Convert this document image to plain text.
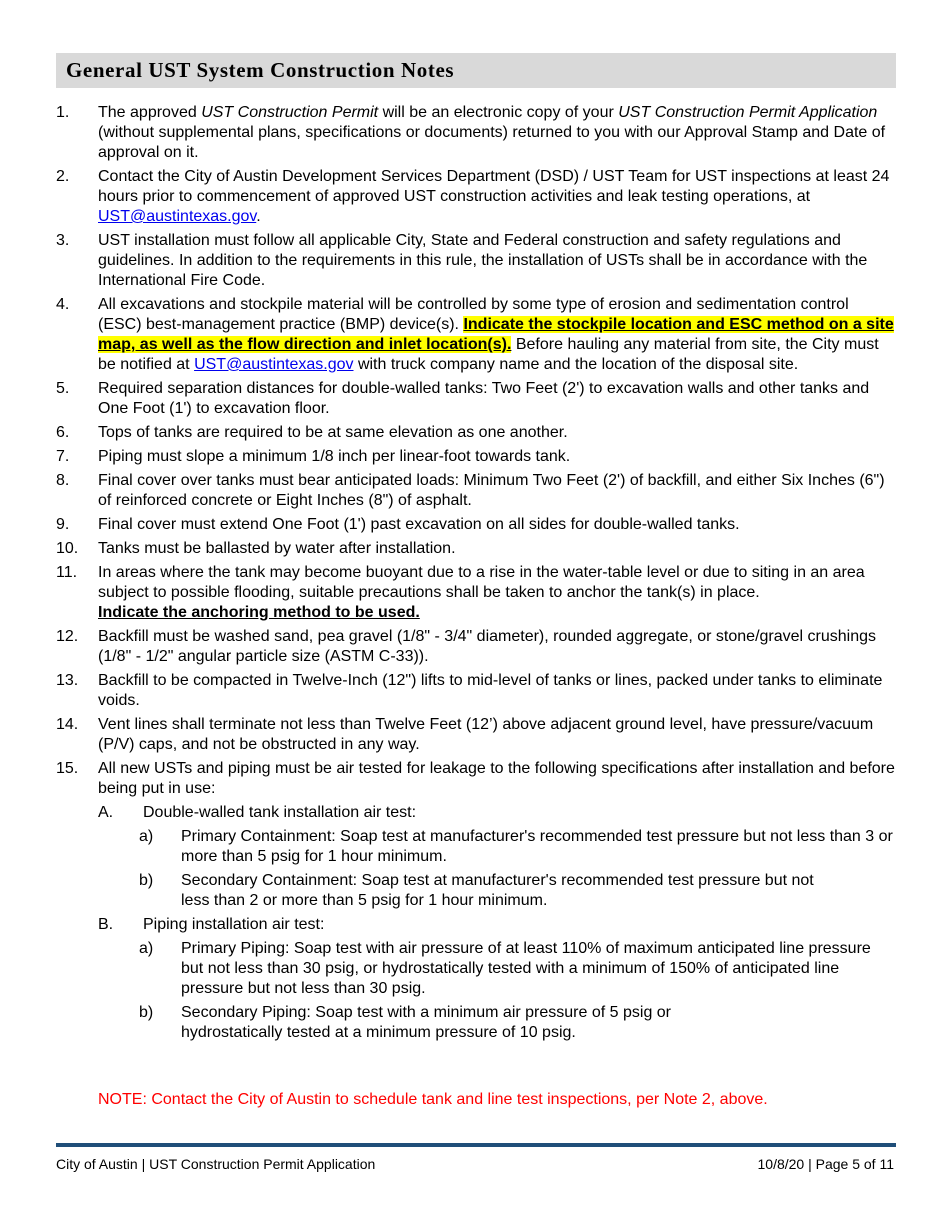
General UST System Construction Notes
1. The approved UST Construction Permit will be an electronic copy of your UST Construction Permit Application (without supplemental plans, specifications or documents) returned to you with our Approval Stamp and Date of approval on it.
2. Contact the City of Austin Development Services Department (DSD) / UST Team for UST inspections at least 24 hours prior to commencement of approved UST construction activities and leak testing operations, at UST@austintexas.gov.
3. UST installation must follow all applicable City, State and Federal construction and safety regulations and guidelines. In addition to the requirements in this rule, the installation of USTs shall be in accordance with the International Fire Code.
4. All excavations and stockpile material will be controlled by some type of erosion and sedimentation control (ESC) best-management practice (BMP) device(s). Indicate the stockpile location and ESC method on a site map, as well as the flow direction and inlet location(s). Before hauling any material from site, the City must be notified at UST@austintexas.gov with truck company name and the location of the disposal site.
5. Required separation distances for double-walled tanks: Two Feet (2') to excavation walls and other tanks and One Foot (1') to excavation floor.
6. Tops of tanks are required to be at same elevation as one another.
7. Piping must slope a minimum 1/8 inch per linear-foot towards tank.
8. Final cover over tanks must bear anticipated loads: Minimum Two Feet (2') of backfill, and either Six Inches (6") of reinforced concrete or Eight Inches (8") of asphalt.
9. Final cover must extend One Foot (1') past excavation on all sides for double-walled tanks.
10. Tanks must be ballasted by water after installation.
11. In areas where the tank may become buoyant due to a rise in the water-table level or due to siting in an area subject to possible flooding, suitable precautions shall be taken to anchor the tank(s) in place.
Indicate the anchoring method to be used.
12. Backfill must be washed sand, pea gravel (1/8" - 3/4" diameter), rounded aggregate, or stone/gravel crushings (1/8" - 1/2" angular particle size (ASTM C-33)).
13. Backfill to be compacted in Twelve-Inch (12") lifts to mid-level of tanks or lines, packed under tanks to eliminate voids.
14. Vent lines shall terminate not less than Twelve Feet (12’) above adjacent ground level, have pressure/vacuum (P/V) caps, and not be obstructed in any way.
15. All new USTs and piping must be air tested for leakage to the following specifications after installation and before being put in use:
A. Double-walled tank installation air test:
a) Primary Containment: Soap test at manufacturer's recommended test pressure but not less than 3 or more than 5 psig for 1 hour minimum.
b) Secondary Containment: Soap test at manufacturer's recommended test pressure but not less than 2 or more than 5 psig for 1 hour minimum.
B. Piping installation air test:
a) Primary Piping: Soap test with air pressure of at least 110% of maximum anticipated line pressure but not less than 30 psig, or hydrostatically tested with a minimum of 150% of anticipated line pressure but not less than 30 psig.
b) Secondary Piping: Soap test with a minimum air pressure of 5 psig or hydrostatically tested at a minimum pressure of 10 psig.
NOTE: Contact the City of Austin to schedule tank and line test inspections, per Note 2, above.
City of Austin | UST Construction Permit Application	10/8/20 | Page 5 of 11
